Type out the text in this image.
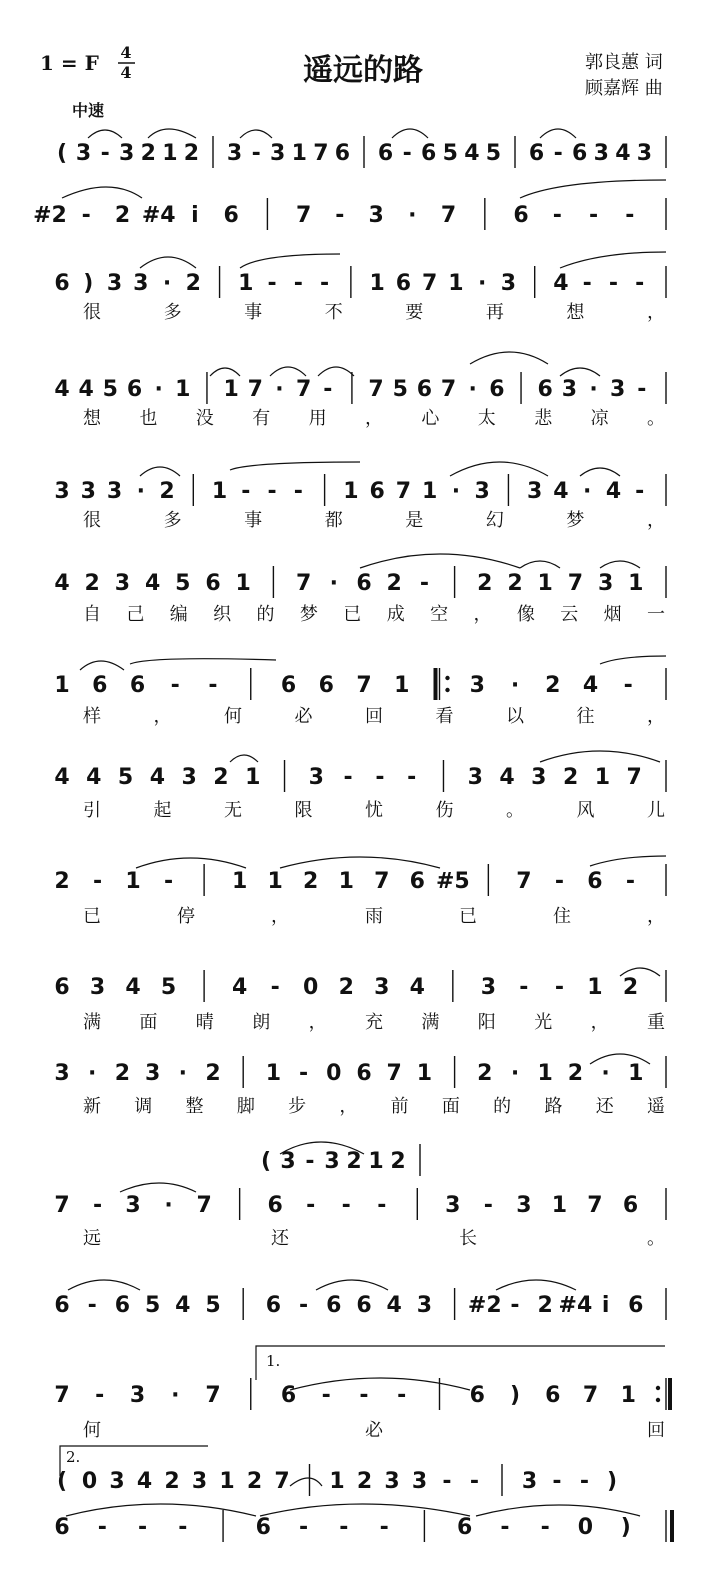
1 = F 4
4	遥远的路	郭良蕙 词
顾嘉辉 曲
中速
( 3 - 3 2 1 2 3 - 3 1 7 6 6 - 6 5 4 5 6 - 6 3 4 3
#2 - 2 #4 i 6	7 - 3 · 7	6 - - -
6 ) 3 3 · 2 1 - - - 1 6 7 1 · 3 4 - - -
很	多	事	不	要	再	想	，
4 4 5 6 · 1 1 7 · 7 - 7 5 6 7 · 6 6 3 · 3 -
想 也 没 有 用 ， 心 太 悲 凉 。
3 3 3 · 2 1 - - - 1 6 7 1 · 3 3 4 · 4 -
很	多	事	都	是	幻	梦	，
4 2 3 4 5 6 1 7 · 6 2 - 2 2 1 7 3 1
自 己 编 织 的 梦 已 成 空 ， 像 云 烟 一
1 6 6 - -	6 6 7 1	3 · 2 4 -
样	，	何	必	回	看	以	往	，
4 4 5 4 3 2 1 3 - - - 3 4 3 2 1 7
引	起	无	限	忧	伤	。	风	儿
2 - 1 -	1 1 2 1 7 6 #5 7 - 6 -
已	停	，	雨	已	住	，
6 3 4 5	4 - 0 2 3 4	3 - - 1 2
满 面 晴 朗 ， 充 满 阳 光 ， 重
3 · 2 3 · 2 1 - 0 6 7 1 2 · 1 2 · 1
新 调 整 脚 步 ， 前 面 的 路 还 遥
( 3 - 3 2 1 2
7 - 3 · 7	6 - - -	3 - 3 1 7 6
远	还	长	。
6 - 6 5 4 5 6 - 6 6 4 3 #2 - 2 #4 i 6
7 - 3 · 7	6 - - -	6 ) 6 7 1
何	必	回
( 0 3 4 2 3 1 2 7 1 2 3 3 - - 3 - - )
6 - - -	6 - - -	6 - - 0 )
1.
2.
